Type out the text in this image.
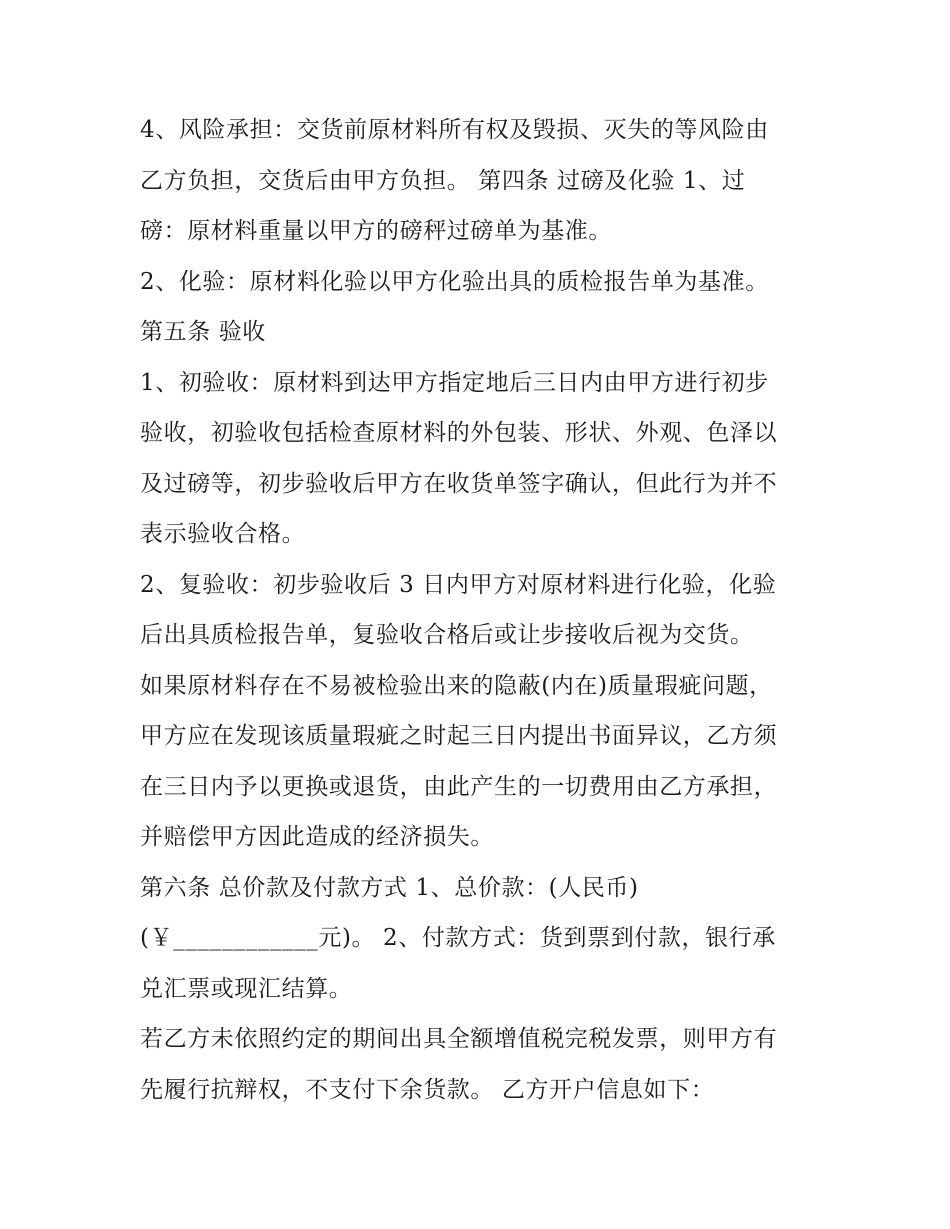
4、风险承担：交货前原材料所有权及毁损、灭失的等风险由
乙方负担，交货后由甲方负担。 第四条 过磅及化验 1、过
磅：原材料重量以甲方的磅秤过磅单为基准。
2、化验：原材料化验以甲方化验出具的质检报告单为基准。
第五条 验收
1、初验收：原材料到达甲方指定地后三日内由甲方进行初步
验收，初验收包括检查原材料的外包装、形状、外观、色泽以
及过磅等，初步验收后甲方在收货单签字确认，但此行为并不
表示验收合格。
2、复验收：初步验收后 3 日内甲方对原材料进行化验，化验
后出具质检报告单，复验收合格后或让步接收后视为交货。
如果原材料存在不易被检验出来的隐蔽(内在)质量瑕疵问题，
甲方应在发现该质量瑕疵之时起三日内提出书面异议，乙方须
在三日内予以更换或退货，由此产生的一切费用由乙方承担，
并赔偿甲方因此造成的经济损失。
第六条 总价款及付款方式 1、总价款：(人民币)
(￥____________元)。 2、付款方式：货到票到付款，银行承
兑汇票或现汇结算。
若乙方未依照约定的期间出具全额增值税完税发票，则甲方有
先履行抗辩权，不支付下余货款。 乙方开户信息如下：
